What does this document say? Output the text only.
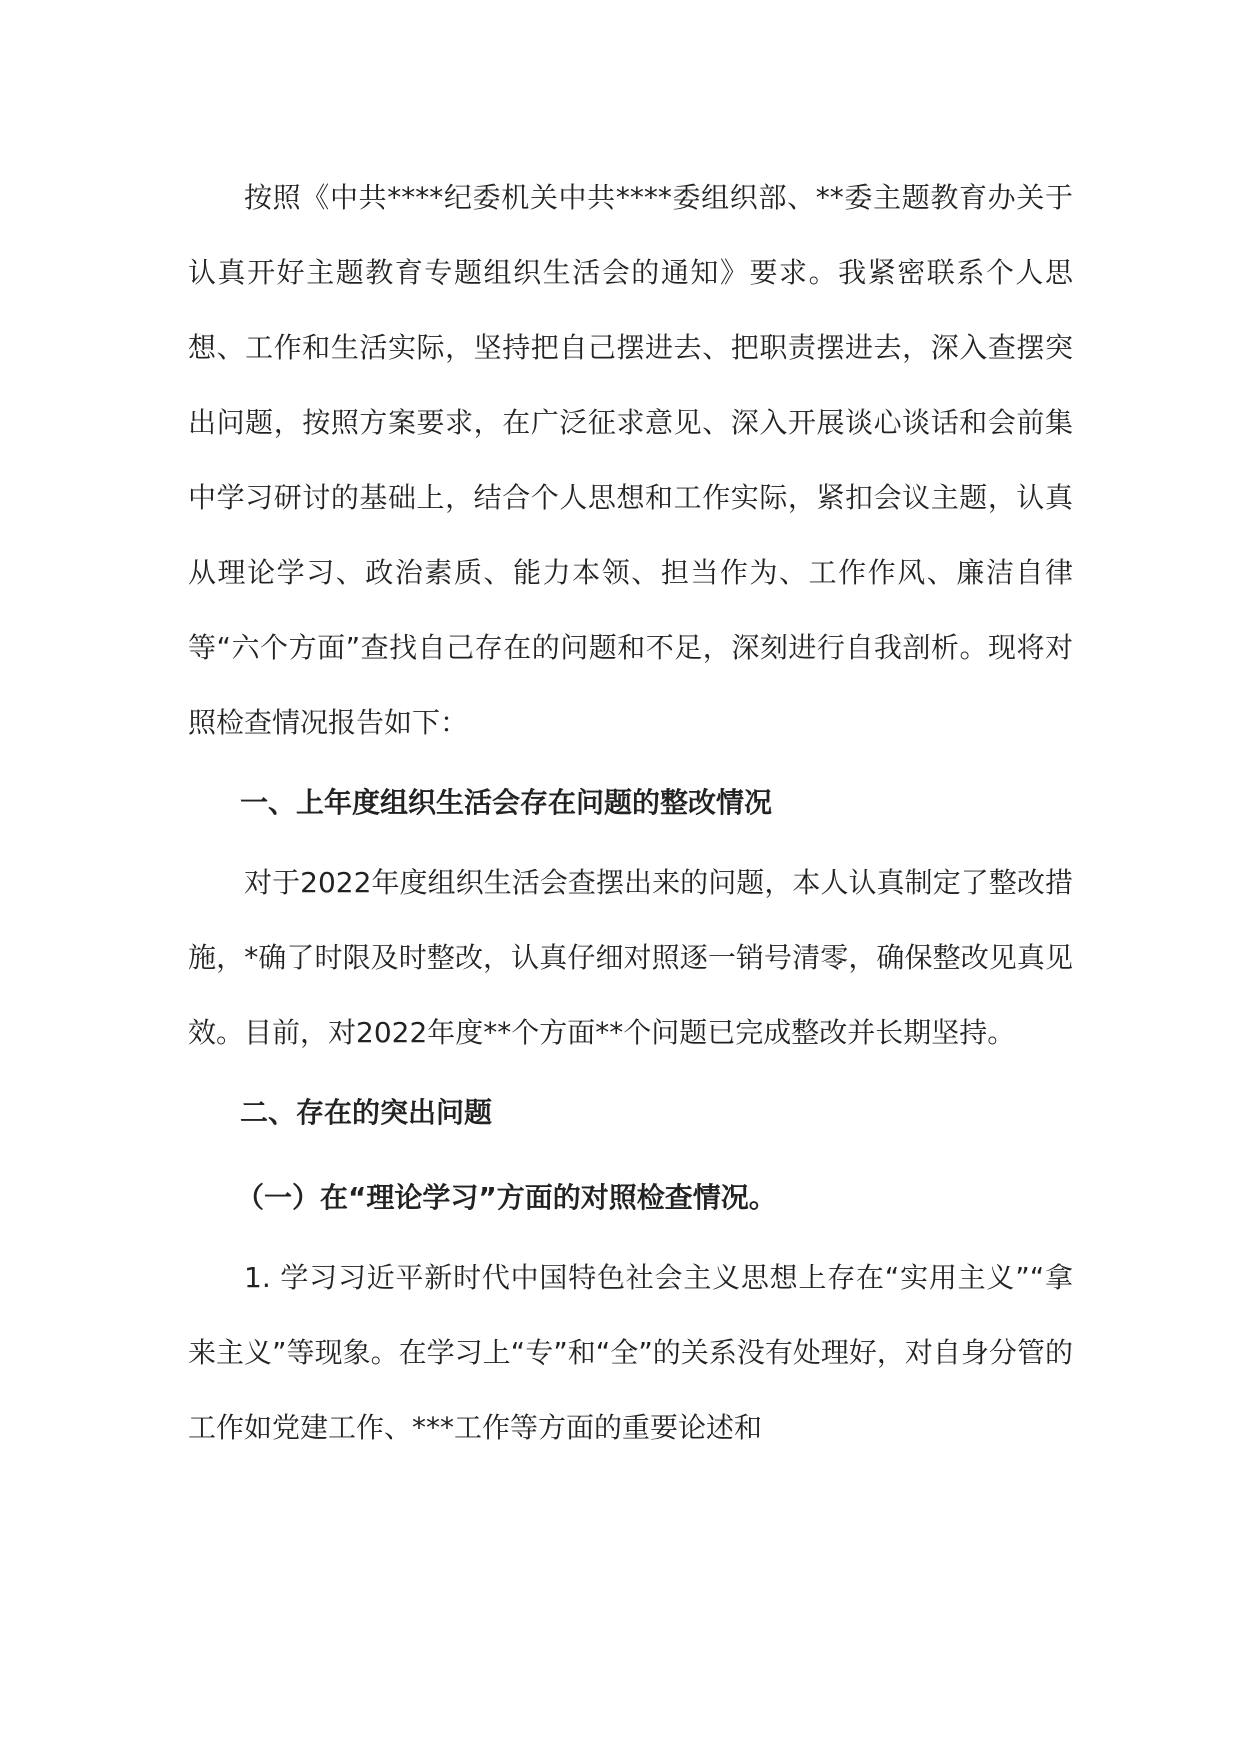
按照《中共****纪委机关中共****委组织部、**委主题教育办关于认真开好主题教育专题组织生活会的通知》要求。我紧密联系个人思想、工作和生活实际，坚持把自己摆进去、把职责摆进去，深入查摆突出问题，按照方案要求，在广泛征求意见、深入开展谈心谈话和会前集中学习研讨的基础上，结合个人思想和工作实际，紧扣会议主题，认真从理论学习、政治素质、能力本领、担当作为、工作作风、廉洁自律等“六个方面”查找自己存在的问题和不足，深刻进行自我剖析。现将对照检查情况报告如下：

一、上年度组织生活会存在问题的整改情况

对于2022年度组织生活会查摆出来的问题，本人认真制定了整改措施，*确了时限及时整改，认真仔细对照逐一销号清零，确保整改见真见效。目前，对2022年度**个方面**个问题已完成整改并长期坚持。

二、存在的突出问题
（一）在“理论学习”方面的对照检查情况。

1. 学习习近平新时代中国特色社会主义思想上存在“实用主义”“拿来主义”等现象。在学习上“专”和“全”的关系没有处理好，对自身分管的工作如党建工作、***工作等方面的重要论述和
